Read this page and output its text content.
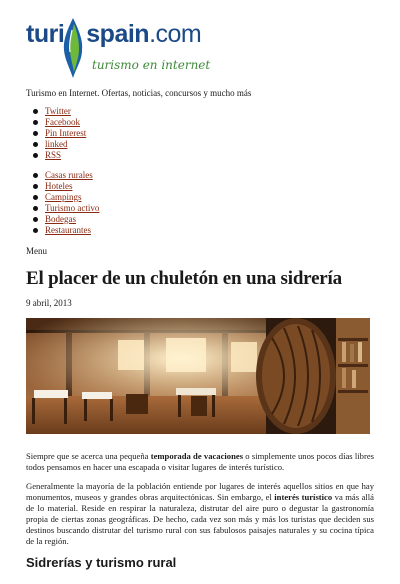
turi spain.com
turismo en internet
Turismo en Internet. Ofertas, noticias, concursos y mucho más
Twitter
Facebook
Pin Interest
linked
RSS
Casas rurales
Hoteles
Campings
Turismo activo
Bodegas
Restaurantes
Menu
El placer de un chuletón en una sidrería
9 abril, 2013

Siempre que se acerca una pequeña temporada de vacaciones o simplemente unos pocos días libres todos pensamos en hacer una escapada o visitar lugares de interés turístico.

Generalmente la mayoría de la población entiende por lugares de interés aquellos sitios en que hay monumentos, museos y grandes obras arquitectónicas. Sin embargo, el interés turístico va más allá de lo material. Reside en respirar la naturaleza, distrutar del aire puro o degustar la gastronomía propia de ciertas zonas geográficas. De hecho, cada vez son más y más los turistas que deciden sus destinos buscando distrutar del turismo rural con sus fabulosos paisajes naturales y su cocina típica de la región.

Sidrerías y turismo rural
